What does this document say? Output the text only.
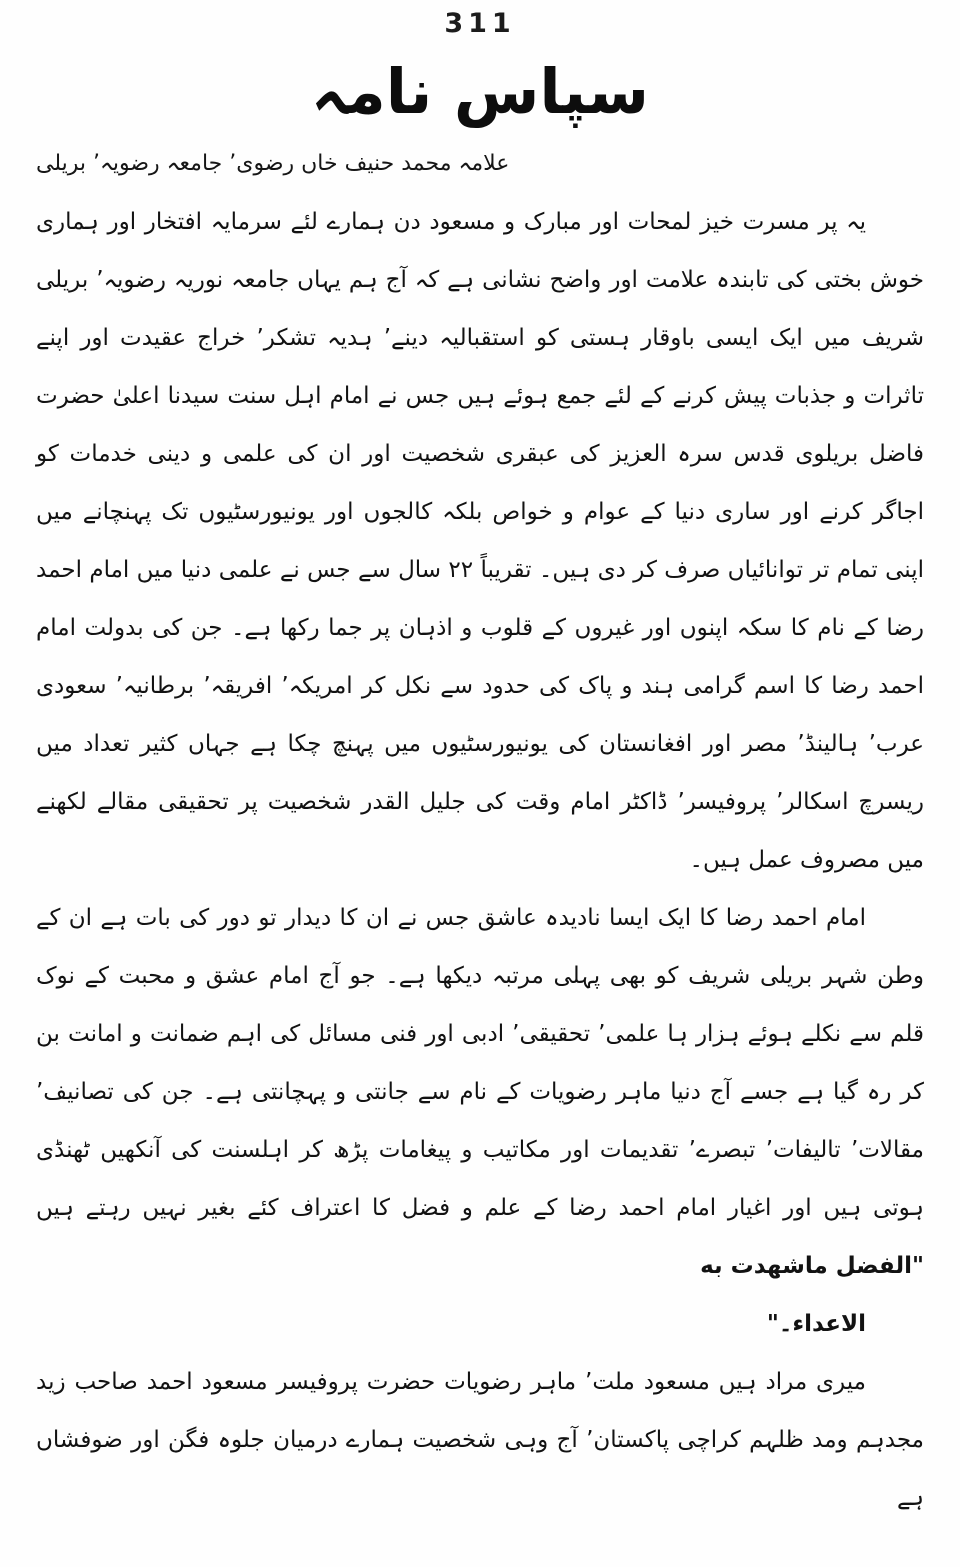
311
سپاس نامہ
علامہ محمد حنیف خاں رضوی’ جامعہ رضویہ’ بریلی

یہ پر مسرت خیز لمحات اور مبارک و مسعود دن ہمارے لئے سرمایہ افتخار اور ہماری خوش بختی کی تابندہ علامت اور واضح نشانی ہے کہ آج ہم یہاں جامعہ نوریہ رضویہ’ بریلی شریف میں ایک ایسی باوقار ہستی کو استقبالیہ دینے’ ہدیہ تشکر’ خراج عقیدت اور اپنے تاثرات و جذبات پیش کرنے کے لئے جمع ہوئے ہیں جس نے امام اہل سنت سیدنا اعلیٰ حضرت فاضل بریلوی قدس سرہ العزیز کی عبقری شخصیت اور ان کی علمی و دینی خدمات کو اجاگر کرنے اور ساری دنیا کے عوام و خواص بلکہ کالجوں اور یونیورسٹیوں تک پہنچانے میں اپنی تمام تر توانائیاں صرف کر دی ہیں۔ تقریباً ۲۲ سال سے جس نے علمی دنیا میں امام احمد رضا کے نام کا سکہ اپنوں اور غیروں کے قلوب و اذہان پر جما رکھا ہے۔ جن کی بدولت امام احمد رضا کا اسم گرامی ہند و پاک کی حدود سے نکل کر امریکہ’ افریقہ’ برطانیہ’ سعودی عرب’ ہالینڈ’ مصر اور افغانستان کی یونیورسٹیوں میں پہنچ چکا ہے جہاں کثیر تعداد میں ریسرچ اسکالر’ پروفیسر’ ڈاکٹر امام وقت کی جلیل القدر شخصیت پر تحقیقی مقالے لکھنے میں مصروف عمل ہیں۔

امام احمد رضا کا ایک ایسا نادیدہ عاشق جس نے ان کا دیدار تو دور کی بات ہے ان کے وطن شہر بریلی شریف کو بھی پہلی مرتبہ دیکھا ہے۔ جو آج امام عشق و محبت کے نوک قلم سے نکلے ہوئے ہزار ہا علمی’ تحقیقی’ ادبی اور فنی مسائل کی اہم ضمانت و امانت بن کر رہ گیا ہے جسے آج دنیا ماہر رضویات کے نام سے جانتی و پہچانتی ہے۔ جن کی تصانیف’ مقالات’ تالیفات’ تبصرے’ تقدیمات اور مکاتیب و پیغامات پڑھ کر اہلسنت کی آنکھیں ٹھنڈی ہوتی ہیں اور اغیار امام احمد رضا کے علم و فضل کا اعتراف کئے بغیر نہیں رہتے ہیں "الفضل ماشهدت به

الاعداء۔"

میری مراد ہیں مسعود ملت’ ماہر رضویات حضرت پروفیسر مسعود احمد صاحب زید مجدہم ومد ظلہم کراچی پاکستان’ آج وہی شخصیت ہمارے درمیان جلوہ فگن اور ضوفشاں ہے
